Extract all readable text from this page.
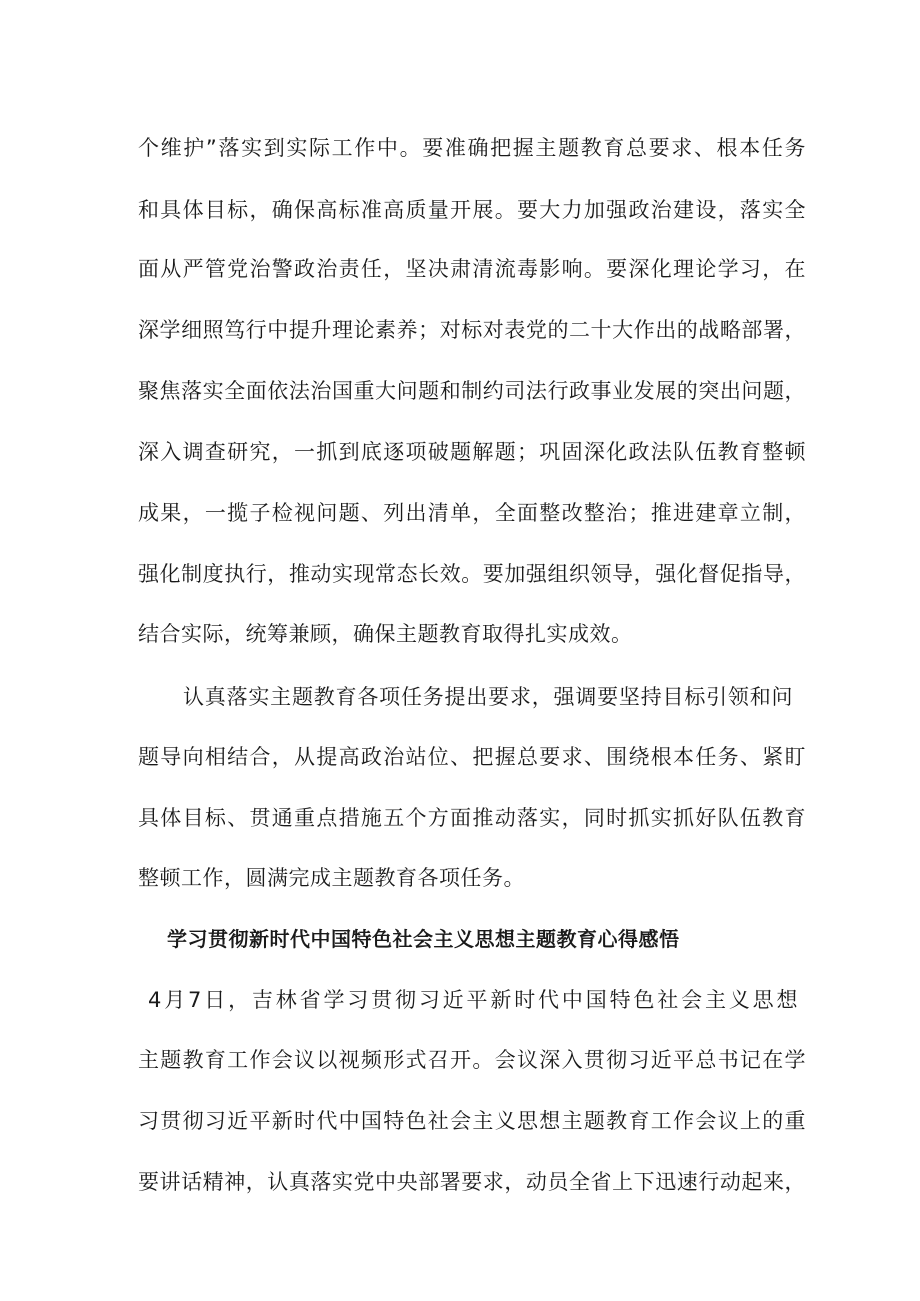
个维护”落实到实际工作中。要准确把握主题教育总要求、根本任务
和具体目标，确保高标准高质量开展。要大力加强政治建设，落实全
面从严管党治警政治责任，坚决肃清流毒影响。要深化理论学习，在
深学细照笃行中提升理论素养；对标对表党的二十大作出的战略部署，
聚焦落实全面依法治国重大问题和制约司法行政事业发展的突出问题，
深入调查研究，一抓到底逐项破题解题；巩固深化政法队伍教育整顿
成果，一揽子检视问题、列出清单，全面整改整治；推进建章立制，
强化制度执行，推动实现常态长效。要加强组织领导，强化督促指导，
结合实际，统筹兼顾，确保主题教育取得扎实成效。
认真落实主题教育各项任务提出要求，强调要坚持目标引领和问
题导向相结合，从提高政治站位、把握总要求、围绕根本任务、紧盯
具体目标、贯通重点措施五个方面推动落实，同时抓实抓好队伍教育
整顿工作，圆满完成主题教育各项任务。
学习贯彻新时代中国特色社会主义思想主题教育心得感悟
4月7日，吉林省学习贯彻习近平新时代中国特色社会主义思想
主题教育工作会议以视频形式召开。会议深入贯彻习近平总书记在学
习贯彻习近平新时代中国特色社会主义思想主题教育工作会议上的重
要讲话精神，认真落实党中央部署要求，动员全省上下迅速行动起来，
